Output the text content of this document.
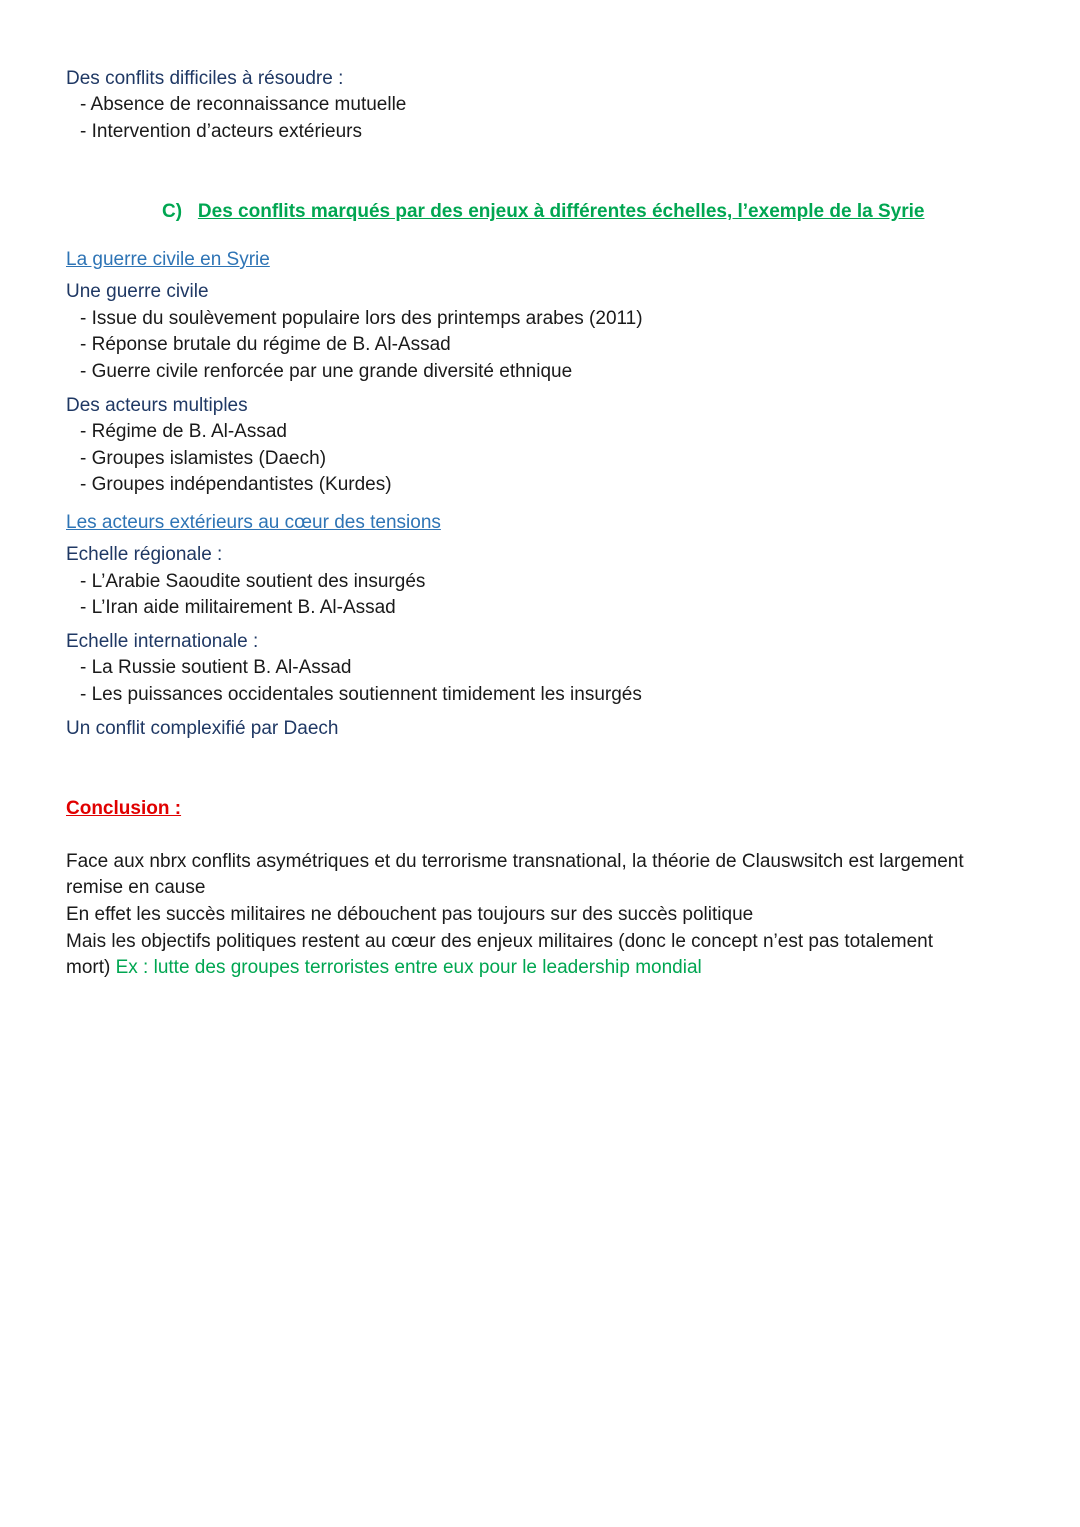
Des conflits difficiles à résoudre :
- Absence de reconnaissance mutuelle
- Intervention d’acteurs extérieurs
C) Des conflits marqués par des enjeux à différentes échelles, l’exemple de la Syrie
La guerre civile en Syrie
Une guerre civile
- Issue du soulèvement populaire lors des printemps arabes (2011)
- Réponse brutale du régime de B. Al-Assad
- Guerre civile renforcée par une grande diversité ethnique
Des acteurs multiples
- Régime de B. Al-Assad
- Groupes islamistes (Daech)
- Groupes indépendantistes (Kurdes)
Les acteurs extérieurs au cœur des tensions
Echelle régionale :
- L’Arabie Saoudite soutient des insurgés
- L’Iran aide militairement B. Al-Assad
Echelle internationale :
- La Russie soutient B. Al-Assad
- Les puissances occidentales soutiennent timidement les insurgés
Un conflit complexifié par Daech
Conclusion :
Face aux nbrx conflits asymétriques et du terrorisme transnational, la théorie de Clauswsitch est largement
remise en cause
En effet les succès militaires ne débouchent pas toujours sur des succès politique
Mais les objectifs politiques restent au cœur des enjeux militaires (donc le concept n’est pas totalement
mort) Ex : lutte des groupes terroristes entre eux pour le leadership mondial
